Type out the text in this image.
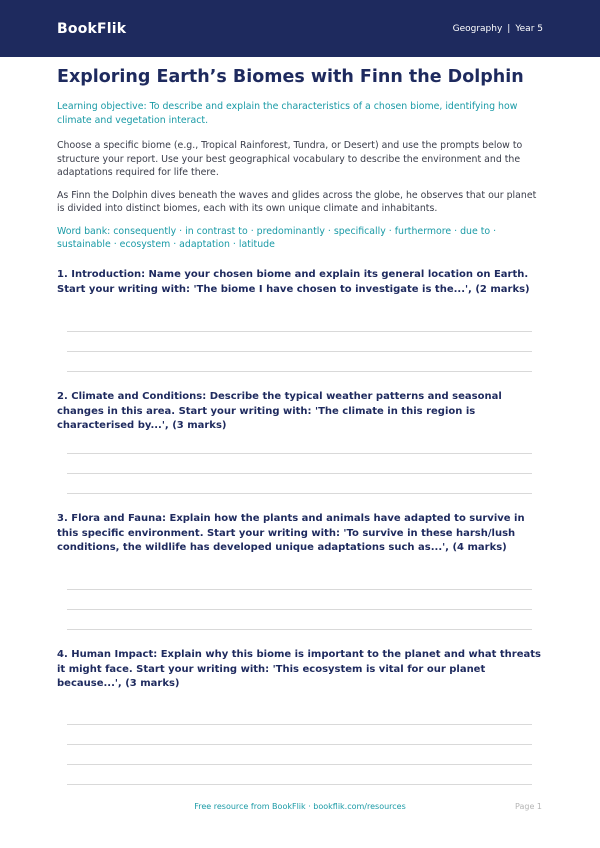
BookFlik	Geography | Year 5
Exploring Earth’s Biomes with Finn the Dolphin

Learning objective: To describe and explain the characteristics of a chosen biome, identifying how climate and vegetation interact.

Choose a specific biome (e.g., Tropical Rainforest, Tundra, or Desert) and use the prompts below to structure your report. Use your best geographical vocabulary to describe the environment and the adaptations required for life there.

As Finn the Dolphin dives beneath the waves and glides across the globe, he observes that our planet is divided into distinct biomes, each with its own unique climate and inhabitants.

Word bank: consequently · in contrast to · predominantly · specifically · furthermore · due to · sustainable · ecosystem · adaptation · latitude

1. Introduction: Name your chosen biome and explain its general location on Earth. Start your writing with: 'The biome I have chosen to investigate is the...', (2 marks)

2. Climate and Conditions: Describe the typical weather patterns and seasonal changes in this area. Start your writing with: 'The climate in this region is characterised by...', (3 marks)

3. Flora and Fauna: Explain how the plants and animals have adapted to survive in this specific environment. Start your writing with: 'To survive in these harsh/lush conditions, the wildlife has developed unique adaptations such as...', (4 marks)

4. Human Impact: Explain why this biome is important to the planet and what threats it might face. Start your writing with: 'This ecosystem is vital for our planet because...', (3 marks)

Free resource from BookFlik · bookflik.com/resources	Page 1
